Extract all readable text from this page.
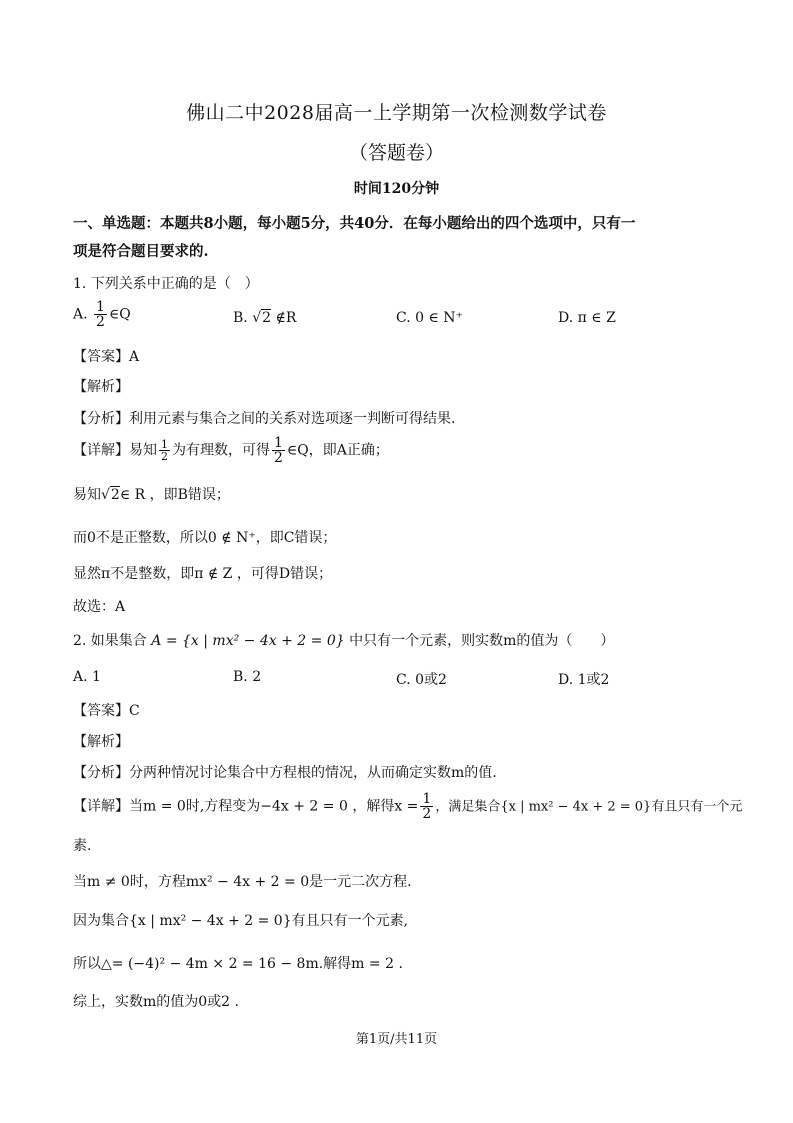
佛山二中2028届高一上学期第一次检测数学试卷
（答题卷）
时间120分钟
一、单选题：本题共8小题，每小题5分，共40分．在每小题给出的四个选项中，只有一
项是符合题目要求的.
1. 下列关系中正确的是（　）
A. $\frac{1}{2}$ ∈Q	B. √2 ∉R	C. 0 ∈ N⁺	D. π ∈ Z
【答案】A
【解析】
【分析】利用元素与集合之间的关系对选项逐一判断可得结果.
【详解】易知 $\frac{1}{2}$ 为有理数，可得 $\frac{1}{2}$ ∈Q，即A正确；
易知√2∈ R ，即B错误；
而0不是正整数，所以0 ∉ N⁺，即C错误；
显然π不是整数，即π ∉ Z ，可得D错误；
故选：A
2. 如果集合 A = {x | mx² − 4x + 2 = 0} 中只有一个元素，则实数m的值为（　　）
A. 1	B. 2	C. 0或2	D. 1或2
【答案】C
【解析】
【分析】分两种情况讨论集合中方程根的情况，从而确定实数m的值.
【详解】当m = 0时,方程变为−4x + 2 = 0 ，解得$x = \frac{1}{2}$ ，满足集合{x | mx² − 4x + 2 = 0}有且只有一个元
素.
当m ≠ 0时，方程mx² − 4x + 2 = 0是一元二次方程.
因为集合{x | mx² − 4x + 2 = 0}有且只有一个元素,
所以△= (−4)² − 4m × 2 = 16 − 8m.解得m = 2 .
综上，实数m的值为0或2 .
第1页/共11页
